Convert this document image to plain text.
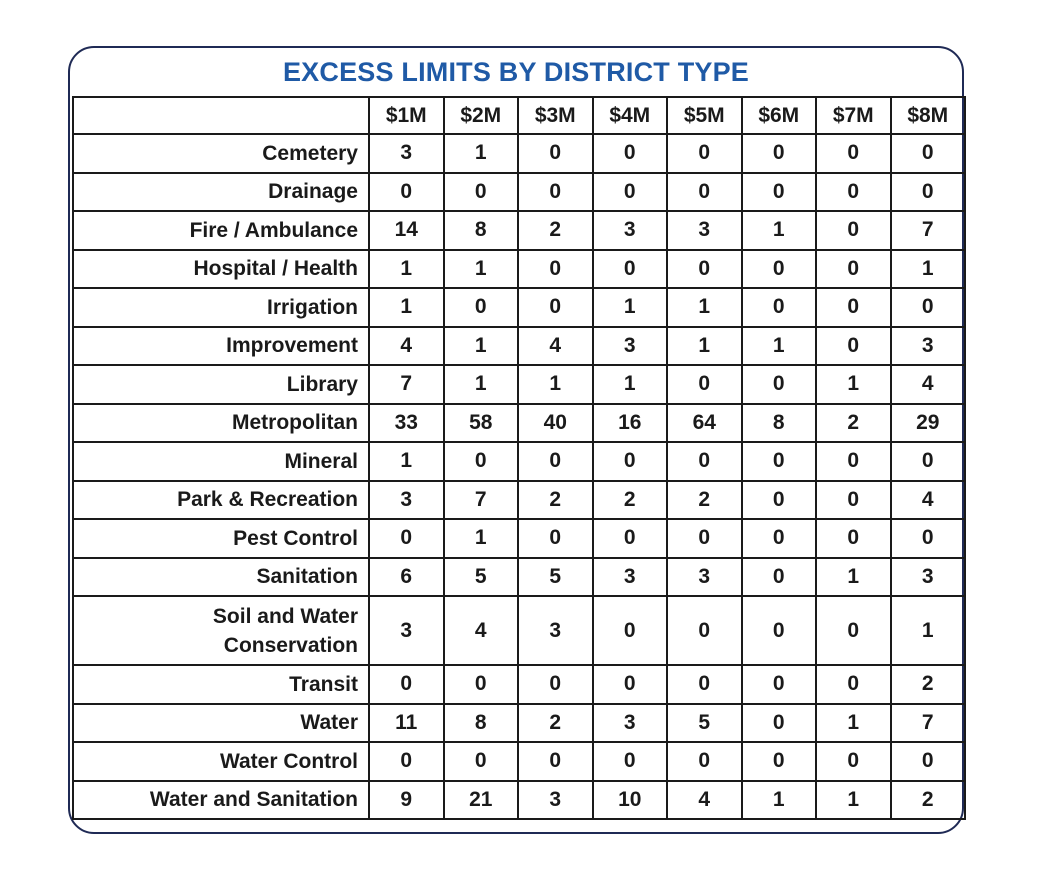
EXCESS LIMITS BY DISTRICT TYPE
	$1M	$2M	$3M	$4M	$5M	$6M	$7M	$8M
Cemetery	3	1	0	0	0	0	0	0
Drainage	0	0	0	0	0	0	0	0
Fire / Ambulance	14	8	2	3	3	1	0	7
Hospital / Health	1	1	0	0	0	0	0	1
Irrigation	1	0	0	1	1	0	0	0
Improvement	4	1	4	3	1	1	0	3
Library	7	1	1	1	0	0	1	4
Metropolitan	33	58	40	16	64	8	2	29
Mineral	1	0	0	0	0	0	0	0
Park & Recreation	3	7	2	2	2	0	0	4
Pest Control	0	1	0	0	0	0	0	0
Sanitation	6	5	5	3	3	0	1	3

Soil and Water
Conservation	3	4	3	0	0	0	0	1
Transit	0	0	0	0	0	0	0	2
Water	11	8	2	3	5	0	1	7
Water Control	0	0	0	0	0	0	0	0
Water and Sanitation	9	21	3	10	4	1	1	2
